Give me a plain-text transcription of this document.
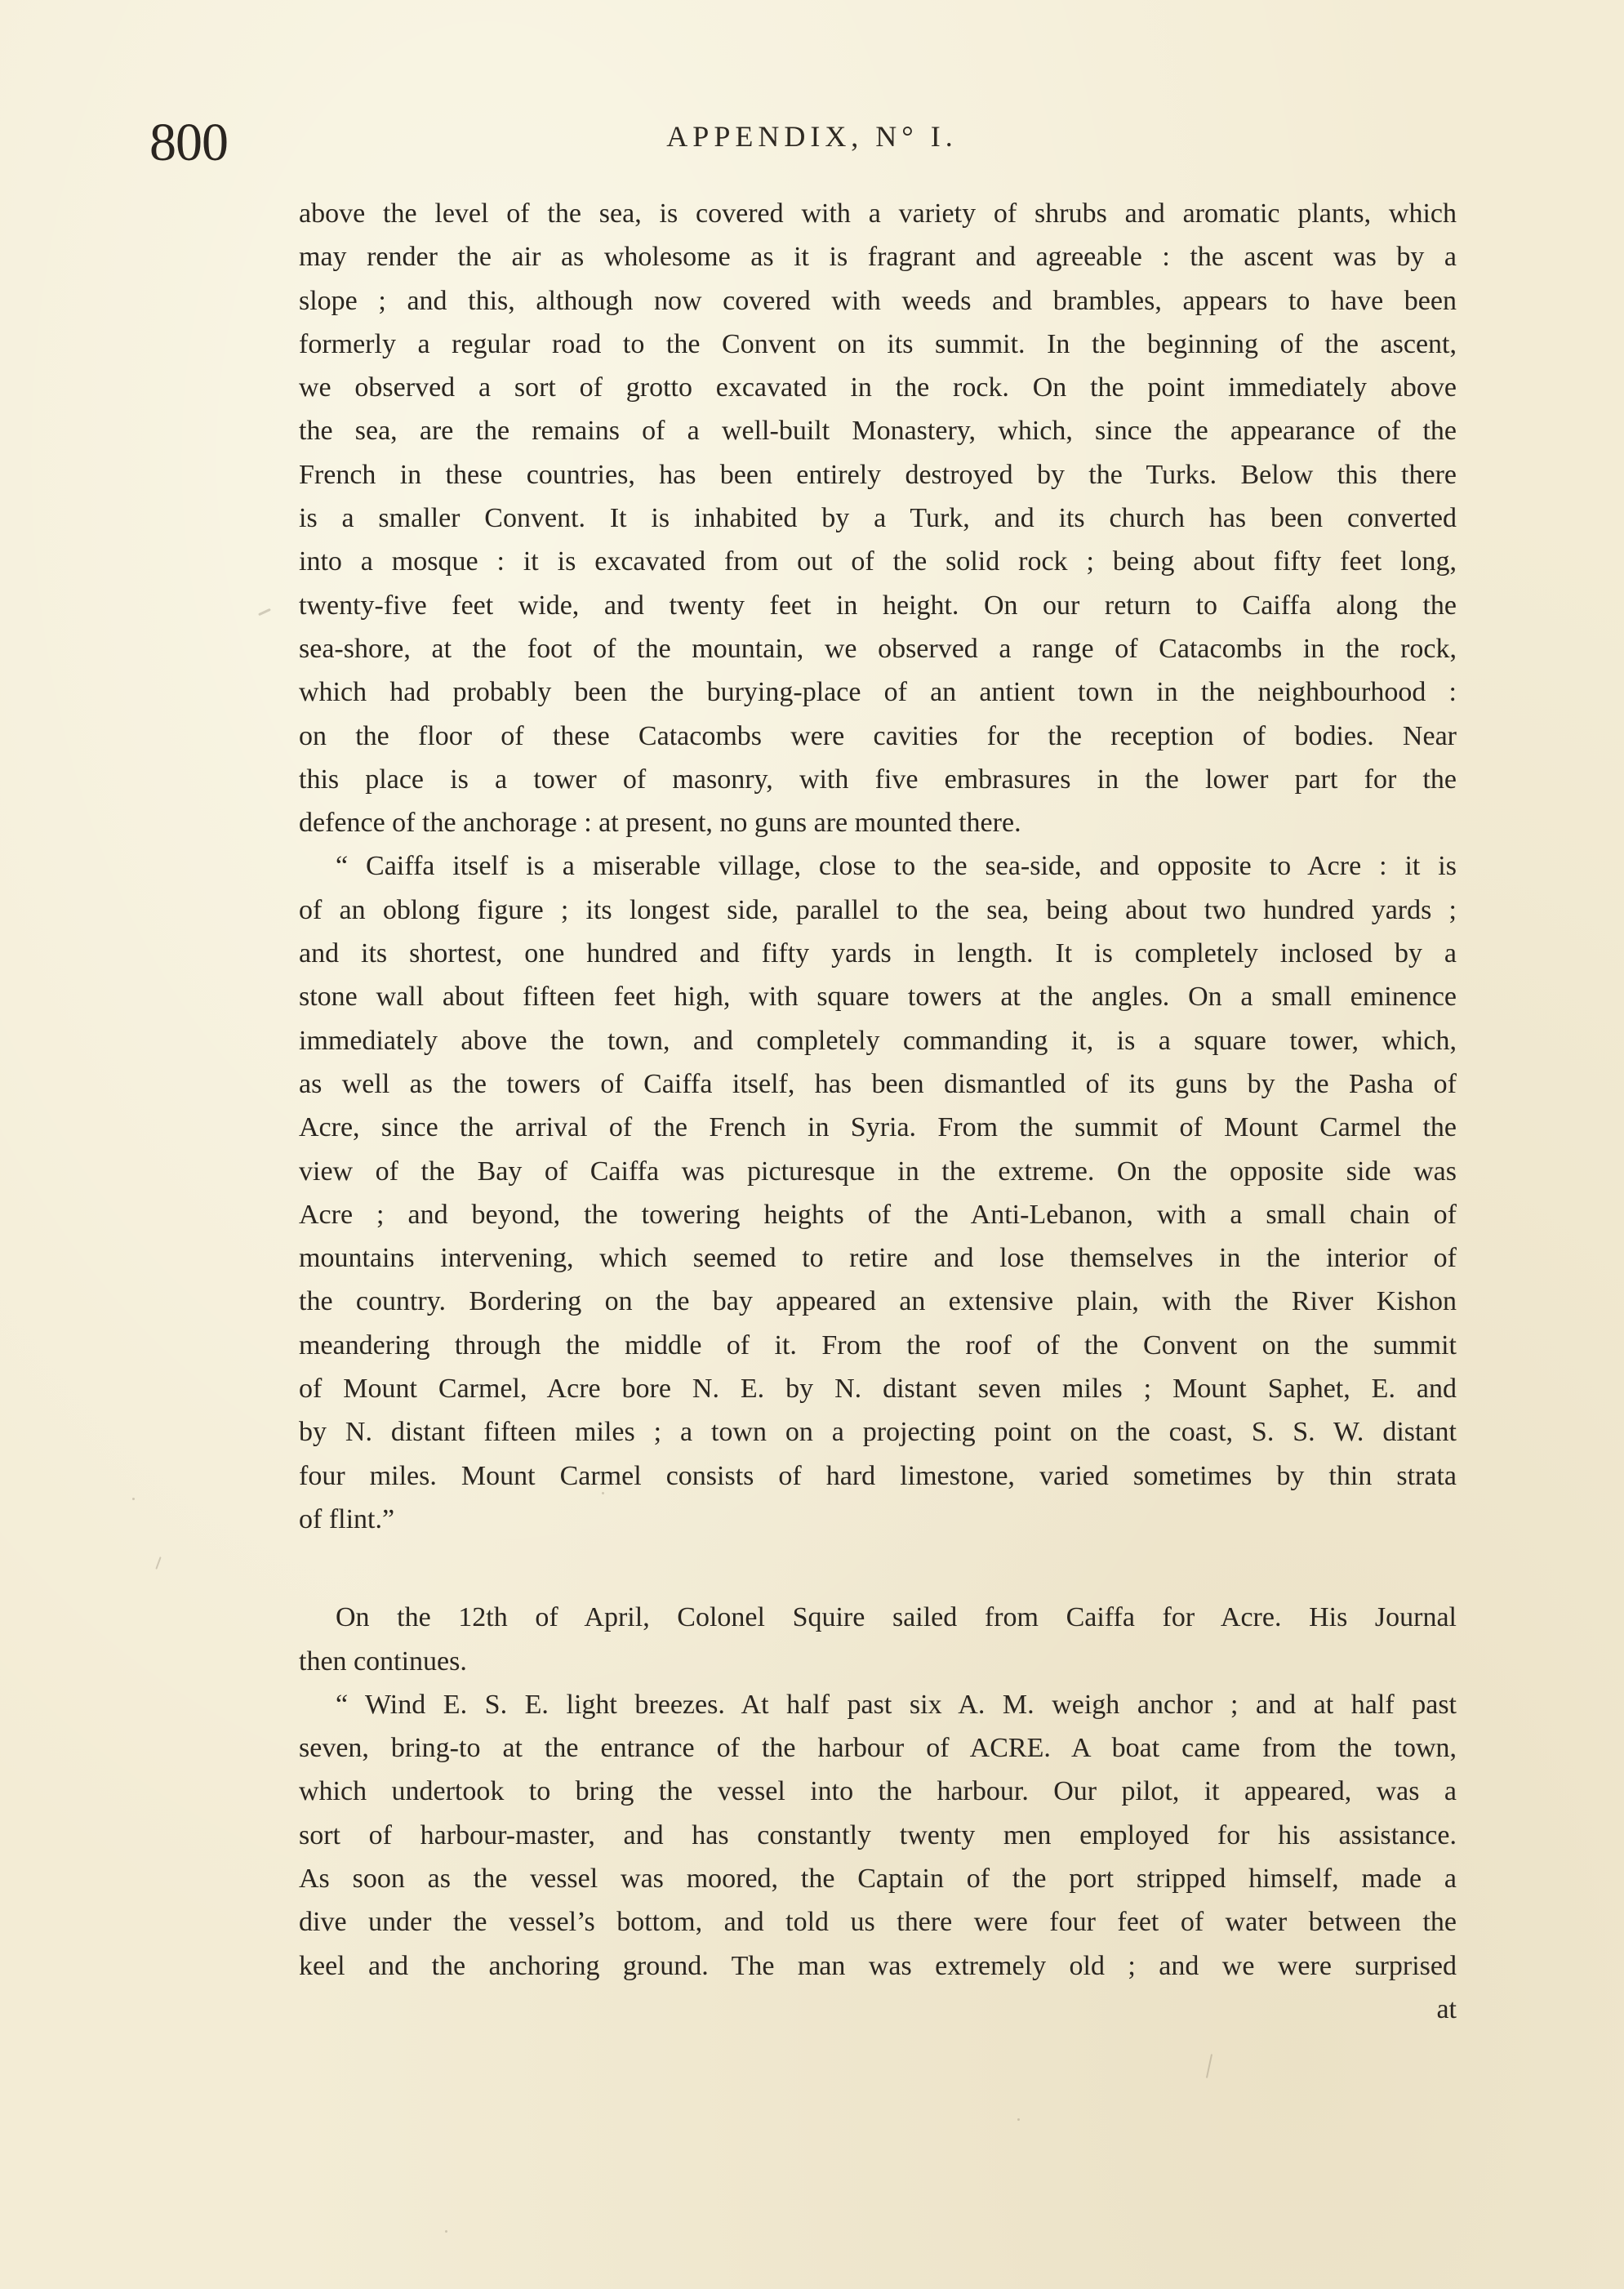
800	APPENDIX, N° I.
above the level of the sea, is covered with a variety of shrubs and aromatic plants, which
may render the air as wholesome as it is fragrant and agreeable : the ascent was by a
slope ; and this, although now covered with weeds and brambles, appears to have been
formerly a regular road to the Convent on its summit. In the beginning of the ascent,
we observed a sort of grotto excavated in the rock. On the point immediately above
the sea, are the remains of a well-built Monastery, which, since the appearance of the
French in these countries, has been entirely destroyed by the Turks. Below this there
is a smaller Convent. It is inhabited by a Turk, and its church has been converted
into a mosque : it is excavated from out of the solid rock ; being about fifty feet long,
twenty-five feet wide, and twenty feet in height. On our return to Caiffa along the
sea-shore, at the foot of the mountain, we observed a range of Catacombs in the rock,
which had probably been the burying-place of an antient town in the neighbourhood :
on the floor of these Catacombs were cavities for the reception of bodies. Near
this place is a tower of masonry, with five embrasures in the lower part for the
defence of the anchorage : at present, no guns are mounted there.
“ Caiffa itself is a miserable village, close to the sea-side, and opposite to Acre : it is
of an oblong figure ; its longest side, parallel to the sea, being about two hundred yards ;
and its shortest, one hundred and fifty yards in length. It is completely inclosed by a
stone wall about fifteen feet high, with square towers at the angles. On a small eminence
immediately above the town, and completely commanding it, is a square tower, which,
as well as the towers of Caiffa itself, has been dismantled of its guns by the Pasha of
Acre, since the arrival of the French in Syria. From the summit of Mount Carmel the
view of the Bay of Caiffa was picturesque in the extreme. On the opposite side was
Acre ; and beyond, the towering heights of the Anti-Lebanon, with a small chain of
mountains intervening, which seemed to retire and lose themselves in the interior of
the country. Bordering on the bay appeared an extensive plain, with the River Kishon
meandering through the middle of it. From the roof of the Convent on the summit
of Mount Carmel, Acre bore N. E. by N. distant seven miles ; Mount Saphet, E. and
by N. distant fifteen miles ; a town on a projecting point on the coast, S. S. W. distant
four miles. Mount Carmel consists of hard limestone, varied sometimes by thin strata
of flint.”
On the 12th of April, Colonel Squire sailed from Caiffa for Acre. His Journal
then continues.
“ Wind E. S. E. light breezes. At half past six A. M. weigh anchor ; and at half past
seven, bring-to at the entrance of the harbour of ACRE. A boat came from the town,
which undertook to bring the vessel into the harbour. Our pilot, it appeared, was a
sort of harbour-master, and has constantly twenty men employed for his assistance.
As soon as the vessel was moored, the Captain of the port stripped himself, made a
dive under the vessel’s bottom, and told us there were four feet of water between the
keel and the anchoring ground. The man was extremely old ; and we were surprised
at
